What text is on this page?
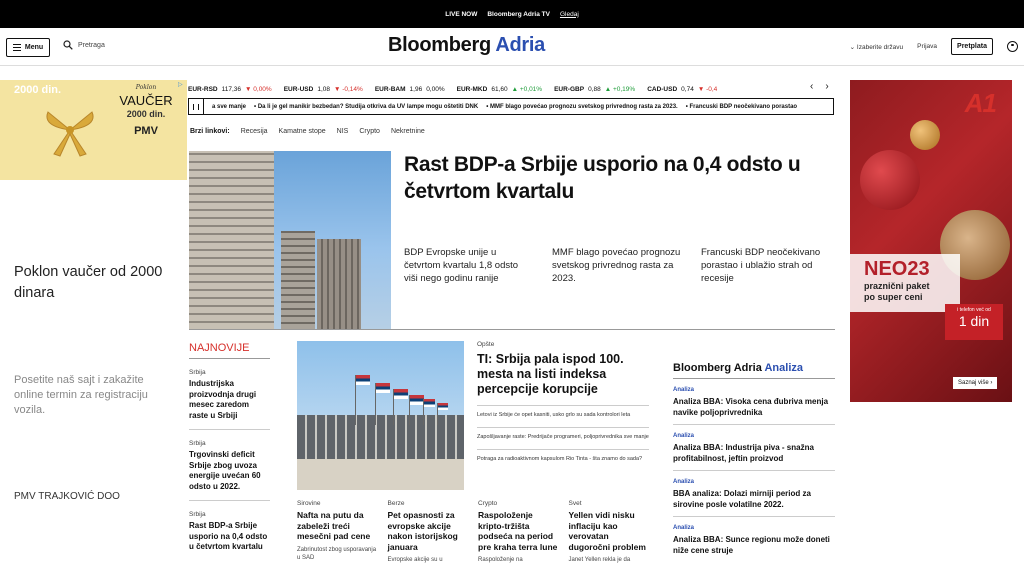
LIVE NOW Bloomberg Adria TV Gledaj
Menu	Pretraga	Bloomberg Adria	⌄ Izaberite državu Prijava	Pretplata
2000 din.	Poklon
VAUČER
2000 din.
PMV
▷
Poklon vaučer od 2000 dinara
Posetite naš sajt i zakažite online termin za registraciju vozila.
PMV TRAJKOVIĆ DOO
EUR-RSD 117,36 ▼ 0,00% EUR-USD 1,08 ▼ -0,14% EUR-BAM 1,96 0,00% EUR-MKD 61,60 ▲ +0,01% EUR-GBP 0,88 ▲ +0,19% CAD-USD 0,74 ▼ -0,4	‹ ›
a sve manje • Da li je gel manikir bezbedan? Studija otkriva da UV lampe mogu oštetiti DNK • MMF blago povećao prognozu svetskog privrednog rasta za 2023. • Francuski BDP neočekivano porastao
Brzi linkovi: Recesija Kamatne stope NIS Crypto Nekretnine
Rast BDP-a Srbije usporio na 0,4 odsto u četvrtom kvartalu
BDP Evropske unije u četvrtom kvartalu 1,8 odsto viši nego godinu ranije
MMF blago povećao prognozu svetskog privrednog rasta za 2023.
Francuski BDP neočekivano porastao i ublažio strah od recesije
NAJNOVIJE
Srbija
Industrijska proizvodnja drugi mesec zaredom raste u Srbiji
Srbija
Trgovinski deficit Srbije zbog uvoza energije uvećan 60 odsto u 2022.
Srbija
Rast BDP-a Srbije usporio na 0,4 odsto u četvrtom kvartalu
Opšte
TI: Srbija pala ispod 100. mesta na listi indeksa percepcije korupcije
Letovi iz Srbije će opet kasniti, usko grlo su sada kontrolori leta
Zapošljavanje raste: Predrijače programeri, poljoprivrednika sve manje
Potraga za radioaktivnom kapsulom Rio Tinta - šta znamo do sada?
Sirovine
Nafta na putu da zabeleži treći mesečni pad cene
Zabrinutost zbog usporavanja u SAD
Berze
Pet opasnosti za evropske akcije nakon istorijskog januara
Evropske akcije su u
Crypto
Raspoloženje kripto-tržišta podseća na period pre kraha terra lune
Raspoloženje na
Svet
Yellen vidi nisku inflaciju kao verovatan dugoročni problem
Janet Yellen rekla je da
Bloomberg Adria Analiza
Analiza
Analiza BBA: Visoka cena đubriva menja navike poljoprivrednika
Analiza
Analiza BBA: Industrija piva - snažna profitabilnost, jeftin proizvod
Analiza
BBA analiza: Dolazi mirniji period za sirovine posle volatilne 2022.
Analiza
Analiza BBA: Sunce regionu može doneti niže cene struje
A1
NEO23
praznični paket
po super ceni
i telefon već od
1 din
Saznaj više ›
